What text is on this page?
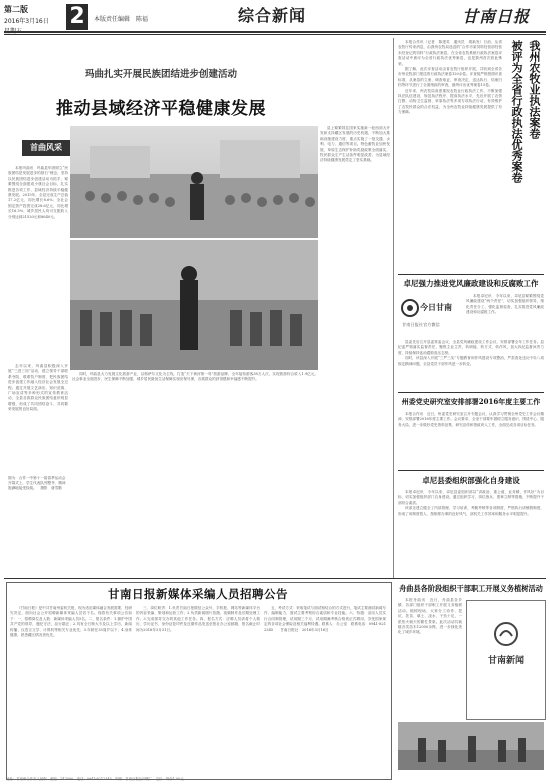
第二版
2016年3月16日 2	本版责任编辑　陈福	综合新闻	甘南日报
玛曲扎实开展民族团结进步创建活动
推动县域经济平稳健康发展
首曲风采
本报玛曲讯　玛曲县牢固树立“民族团结是发展进步的基石”理念，坚持以民族团结进步创建活动为抓手，紧紧围绕全面建成小康社会目标，扎实推进各项工作，县域经济持续平稳健康发展。2015年，全县完成生产总值17.2亿元，同比增长8.6%；全社会固定资产投资完成28.6亿元，同比增长16.5%；城乡居民人均可支配收入分别达到21520元和8640元。
去年以来，玛曲县积极深入开展“三进三同”活动，建立领导干部联系寺院、联系牧户制度，把民族团结进步创建工作融入经济社会发展全过程。通过开展文艺演出、知识竞赛、广场宣讲等多种形式的宣传教育活动，全县各族群众民族团结意识明显增强，形成了共同团结奋斗、共同繁荣发展的良好局面。
图为：合作一中第十一届春季运动会开幕式上，学生代表队列整齐、精神饱满地接受检阅。　摄影　唐雪勤
县上紧紧抓住国家实施新一轮西部大开发和支持藏区发展的历史机遇，不断加大基础设施建设力度，重点实施了一批交通、水利、电力、通信等项目。特色畜牧业加快发展，草原生态保护补助奖励政策全面落实，牧民群众生产生活条件明显改善，为县域经济持续健康发展奠定了坚实基础。
同时，玛曲县大力发展文化旅游产业，以格萨尔文化为主线，打造“天下黄河第一弯”旅游品牌，全年接待游客38万人次，实现旅游综合收入1.9亿元。社会事业全面进步，民生保障不断加强，城乡居民最低生活保障实现应保尽保，各族群众的获得感和幸福感不断提升。
我州农牧业执法案卷
被评为全省行政执法优秀案卷
本报合作讯（记者　陈建英　通讯员　胡新发）日前，从省农牧厅传来消息，由我州农牧局选送的“合作市某饲料经营部经营未经登记的饲料”行政执法案卷，在全省农牧系统行政执法案卷评查活动中被评为全省行政执法优秀案卷，也是我州首次获此殊荣。
据了解，此次评查活动由省农牧厅组织开展，共收到全省各市州农牧部门报送的行政执法案卷120余卷。评查组严格按照评查标准，从案卷的立案、调查取证、审查决定、送达执行、结案归档等环节进行了全面细致的审查，最终评出优秀案卷15卷。
近年来，州农牧局高度重视农牧业行政执法工作，不断加强执法队伍建设，规范执法程序，提高执法水平，先后开展了农资打假、动物卫生监督、草原执法等多项专项执法行动，有效维护了农牧民群众的合法权益，为全州农牧业持续健康发展提供了有力保障。
卓尼强力推进党风廉政建设和反腐败工作
今日甘南
甘南日报社官方微信
本报卓尼讯　今年以来，卓尼县紧紧围绕党风廉政建设“两个责任”，切实加强组织领导，细化责任分工，强化监督检查，扎实推进党风廉政建设和反腐败工作。
县委先后召开县委常委会议、全县党风廉政建设工作会议，安排部署全年工作任务。县纪委严格落实监督责任，聚焦主业主责，转职能、转方式、转作风，加大执纪监督问责力度，持续保持惩治腐败高压态势。
同时，该县深入开展“三严三实”专题教育和作风建设专项整治，严肃查处违反中央八项规定精神问题，全县党员干部作风进一步转变。
州委党史研究室安排部署2016年度主要工作
本报合作讯　近日，州委党史研究室召开专题会议，认真学习贯彻全州党史工作会议精神，安排部署2016年度主要工作。会议要求，全室干部要牢固树立服务意识，围绕中心、服务大局，进一步做好党史资料征集、研究宣传和资政育人工作，全面完成各项目标任务。
卓尼县委组织部强化自身建设
本报卓尼讯　今年以来，卓尼县委组织部以“讲政治、重公道、业务精、作风好”为目标，切实加强组织部门自身建设。通过组织学习、岗位练兵、建章立制等措施，不断提升干部综合素质。
该部还建立健全了内部管理、学习培训、考勤考核等各项制度，严格执行请销假制度，形成了用制度管人、按制度办事的良好风气，部机关工作效率和服务水平明显提升。
甘南日报新媒体采编人员招聘公告
《甘南日报》是中共甘南州委机关报，现为适应媒体融合发展需要，经研究决定，面向社会公开招聘新媒体采编人员若干名。现将有关事项公告如下：一、招聘岗位及人数：新媒体采编人员5名。二、报名条件：1.拥护中国共产党的领导，遵纪守法，品行端正；2.具有全日制大专及以上学历，新闻传播、汉语言文学、计算机等相关专业优先；3.年龄在35周岁以下；4.身体健康，熟悉藏区情况者优先。
三、岗位职责：1.负责甘南日报微信公众号、手机报、网站等新媒体平台的内容采编、策划和运营工作；2.负责新闻图片拍摄、视频制作及后期处理工作；3.完成领导交办的其他工作任务。四、报名方式：应聘人员请将个人简历、学历证书、身份证复印件及近期作品发送至报社办公室邮箱，报名截止时间为2016年3月31日。
五、考试方式：采取笔试与面试相结合的方式进行，笔试主要测试新闻写作、编辑能力，面试主要考察综合素质和专业技能。六、待遇：录用人员实行合同制管理，试用期三个月，试用期满考核合格者正式聘用，享受国家规定的各项社会保险及相关福利待遇。联系人：办公室　联系电话：0941-8212345　　甘南日报社　2016年3月16日
舟曲县各阶段组织干部职工开展义务植树活动
本报舟曲讯　近日，舟曲县各乡镇、各部门组织干部职工开展义务植树活动。植树现场，大家分工协作、挖坑、扶苗、填土、浇水，干劲十足，一派热火朝天的繁忙景象。此次活动共栽植各类苗木12000余株，进一步绿化美化了城乡环境。
甘南新闻
地址：甘南州合作市人民街　邮编：747000　电话：0941-8212345　印刷：甘南日报社印刷厂　定价：每份1.00元
